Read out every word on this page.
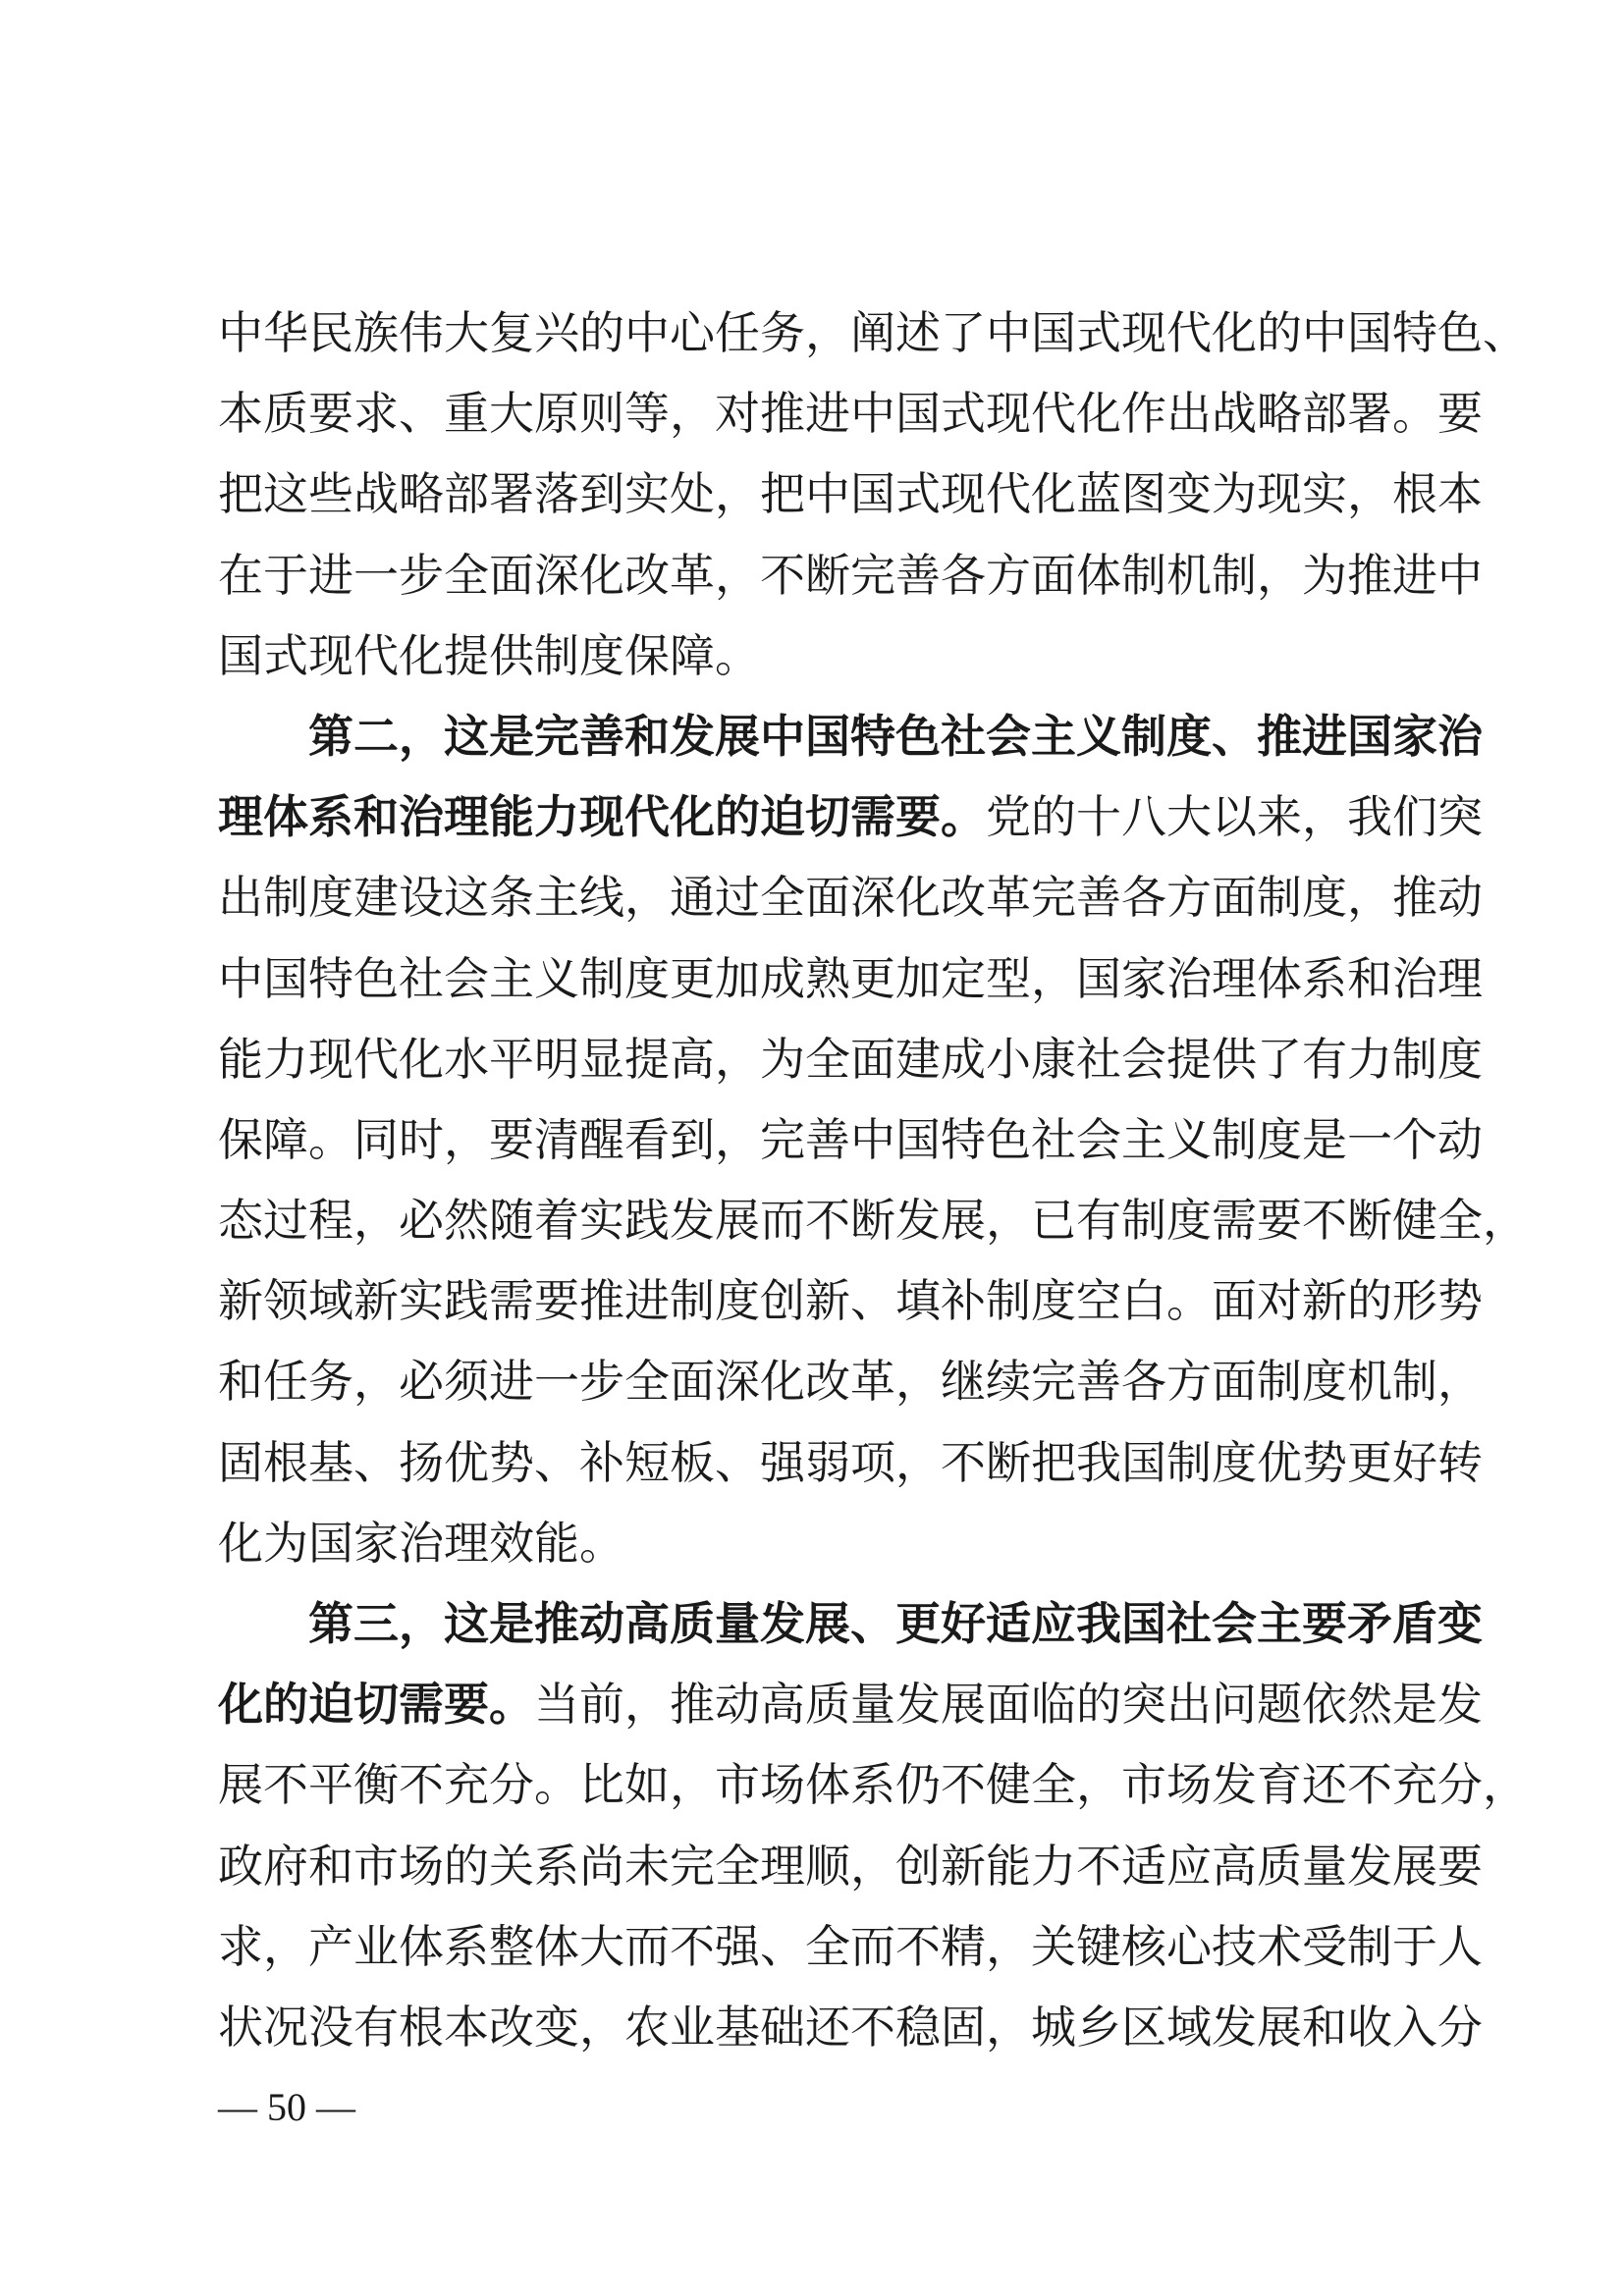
中华民族伟大复兴的中心任务，阐述了中国式现代化的中国特色、
本质要求、重大原则等，对推进中国式现代化作出战略部署。要
把这些战略部署落到实处，把中国式现代化蓝图变为现实，根本
在于进一步全面深化改革，不断完善各方面体制机制，为推进中
国式现代化提供制度保障。
第二，这是完善和发展中国特色社会主义制度、推进国家治
理体系和治理能力现代化的迫切需要。党的十八大以来，我们突
出制度建设这条主线，通过全面深化改革完善各方面制度，推动
中国特色社会主义制度更加成熟更加定型，国家治理体系和治理
能力现代化水平明显提高，为全面建成小康社会提供了有力制度
保障。同时，要清醒看到，完善中国特色社会主义制度是一个动
态过程，必然随着实践发展而不断发展，已有制度需要不断健全，
新领域新实践需要推进制度创新、填补制度空白。面对新的形势
和任务，必须进一步全面深化改革，继续完善各方面制度机制，
固根基、扬优势、补短板、强弱项，不断把我国制度优势更好转
化为国家治理效能。
第三，这是推动高质量发展、更好适应我国社会主要矛盾变
化的迫切需要。当前，推动高质量发展面临的突出问题依然是发
展不平衡不充分。比如，市场体系仍不健全，市场发育还不充分，
政府和市场的关系尚未完全理顺，创新能力不适应高质量发展要
求，产业体系整体大而不强、全而不精，关键核心技术受制于人
状况没有根本改变，农业基础还不稳固，城乡区域发展和收入分
— 50 —
